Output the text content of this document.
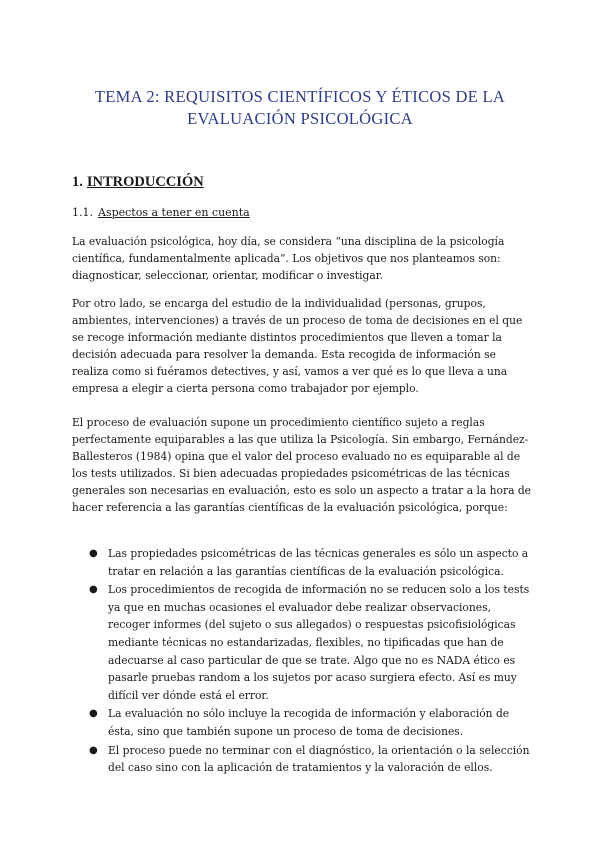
TEMA 2: REQUISITOS CIENTÍFICOS Y ÉTICOS DE LA EVALUACIÓN PSICOLÓGICA
1. INTRODUCCIÓN
1.1. Aspectos a tener en cuenta

La evaluación psicológica, hoy día, se considera “una disciplina de la psicología científica, fundamentalmente aplicada”. Los objetivos que nos planteamos son: diagnosticar, seleccionar, orientar, modificar o investigar.

Por otro lado, se encarga del estudio de la individualidad (personas, grupos, ambientes, intervenciones) a través de un proceso de toma de decisiones en el que se recoge información mediante distintos procedimientos que lleven a tomar la decisión adecuada para resolver la demanda. Esta recogida de información se realiza como si fuéramos detectives, y así, vamos a ver qué es lo que lleva a una empresa a elegir a cierta persona como trabajador por ejemplo.

El proceso de evaluación supone un procedimiento científico sujeto a reglas perfectamente equiparables a las que utiliza la Psicología. Sin embargo, Fernández-Ballesteros (1984) opina que el valor del proceso evaluado no es equiparable al de los tests utilizados. Si bien adecuadas propiedades psicométricas de las técnicas generales son necesarias en evaluación, esto es solo un aspecto a tratar a la hora de hacer referencia a las garantías científicas de la evaluación psicológica, porque:

● Las propiedades psicométricas de las técnicas generales es sólo un aspecto a tratar en relación a las garantías científicas de la evaluación psicológica.
● Los procedimientos de recogida de información no se reducen solo a los tests ya que en muchas ocasiones el evaluador debe realizar observaciones, recoger informes (del sujeto o sus allegados) o respuestas psicofisiológicas mediante técnicas no estandarizadas, flexibles, no tipificadas que han de adecuarse al caso particular de que se trate. Algo que no es NADA ético es pasarle pruebas random a los sujetos por acaso surgiera efecto. Así es muy difícil ver dónde está el error.
● La evaluación no sólo incluye la recogida de información y elaboración de ésta, sino que también supone un proceso de toma de decisiones.
● El proceso puede no terminar con el diagnóstico, la orientación o la selección del caso sino con la aplicación de tratamientos y la valoración de ellos.
